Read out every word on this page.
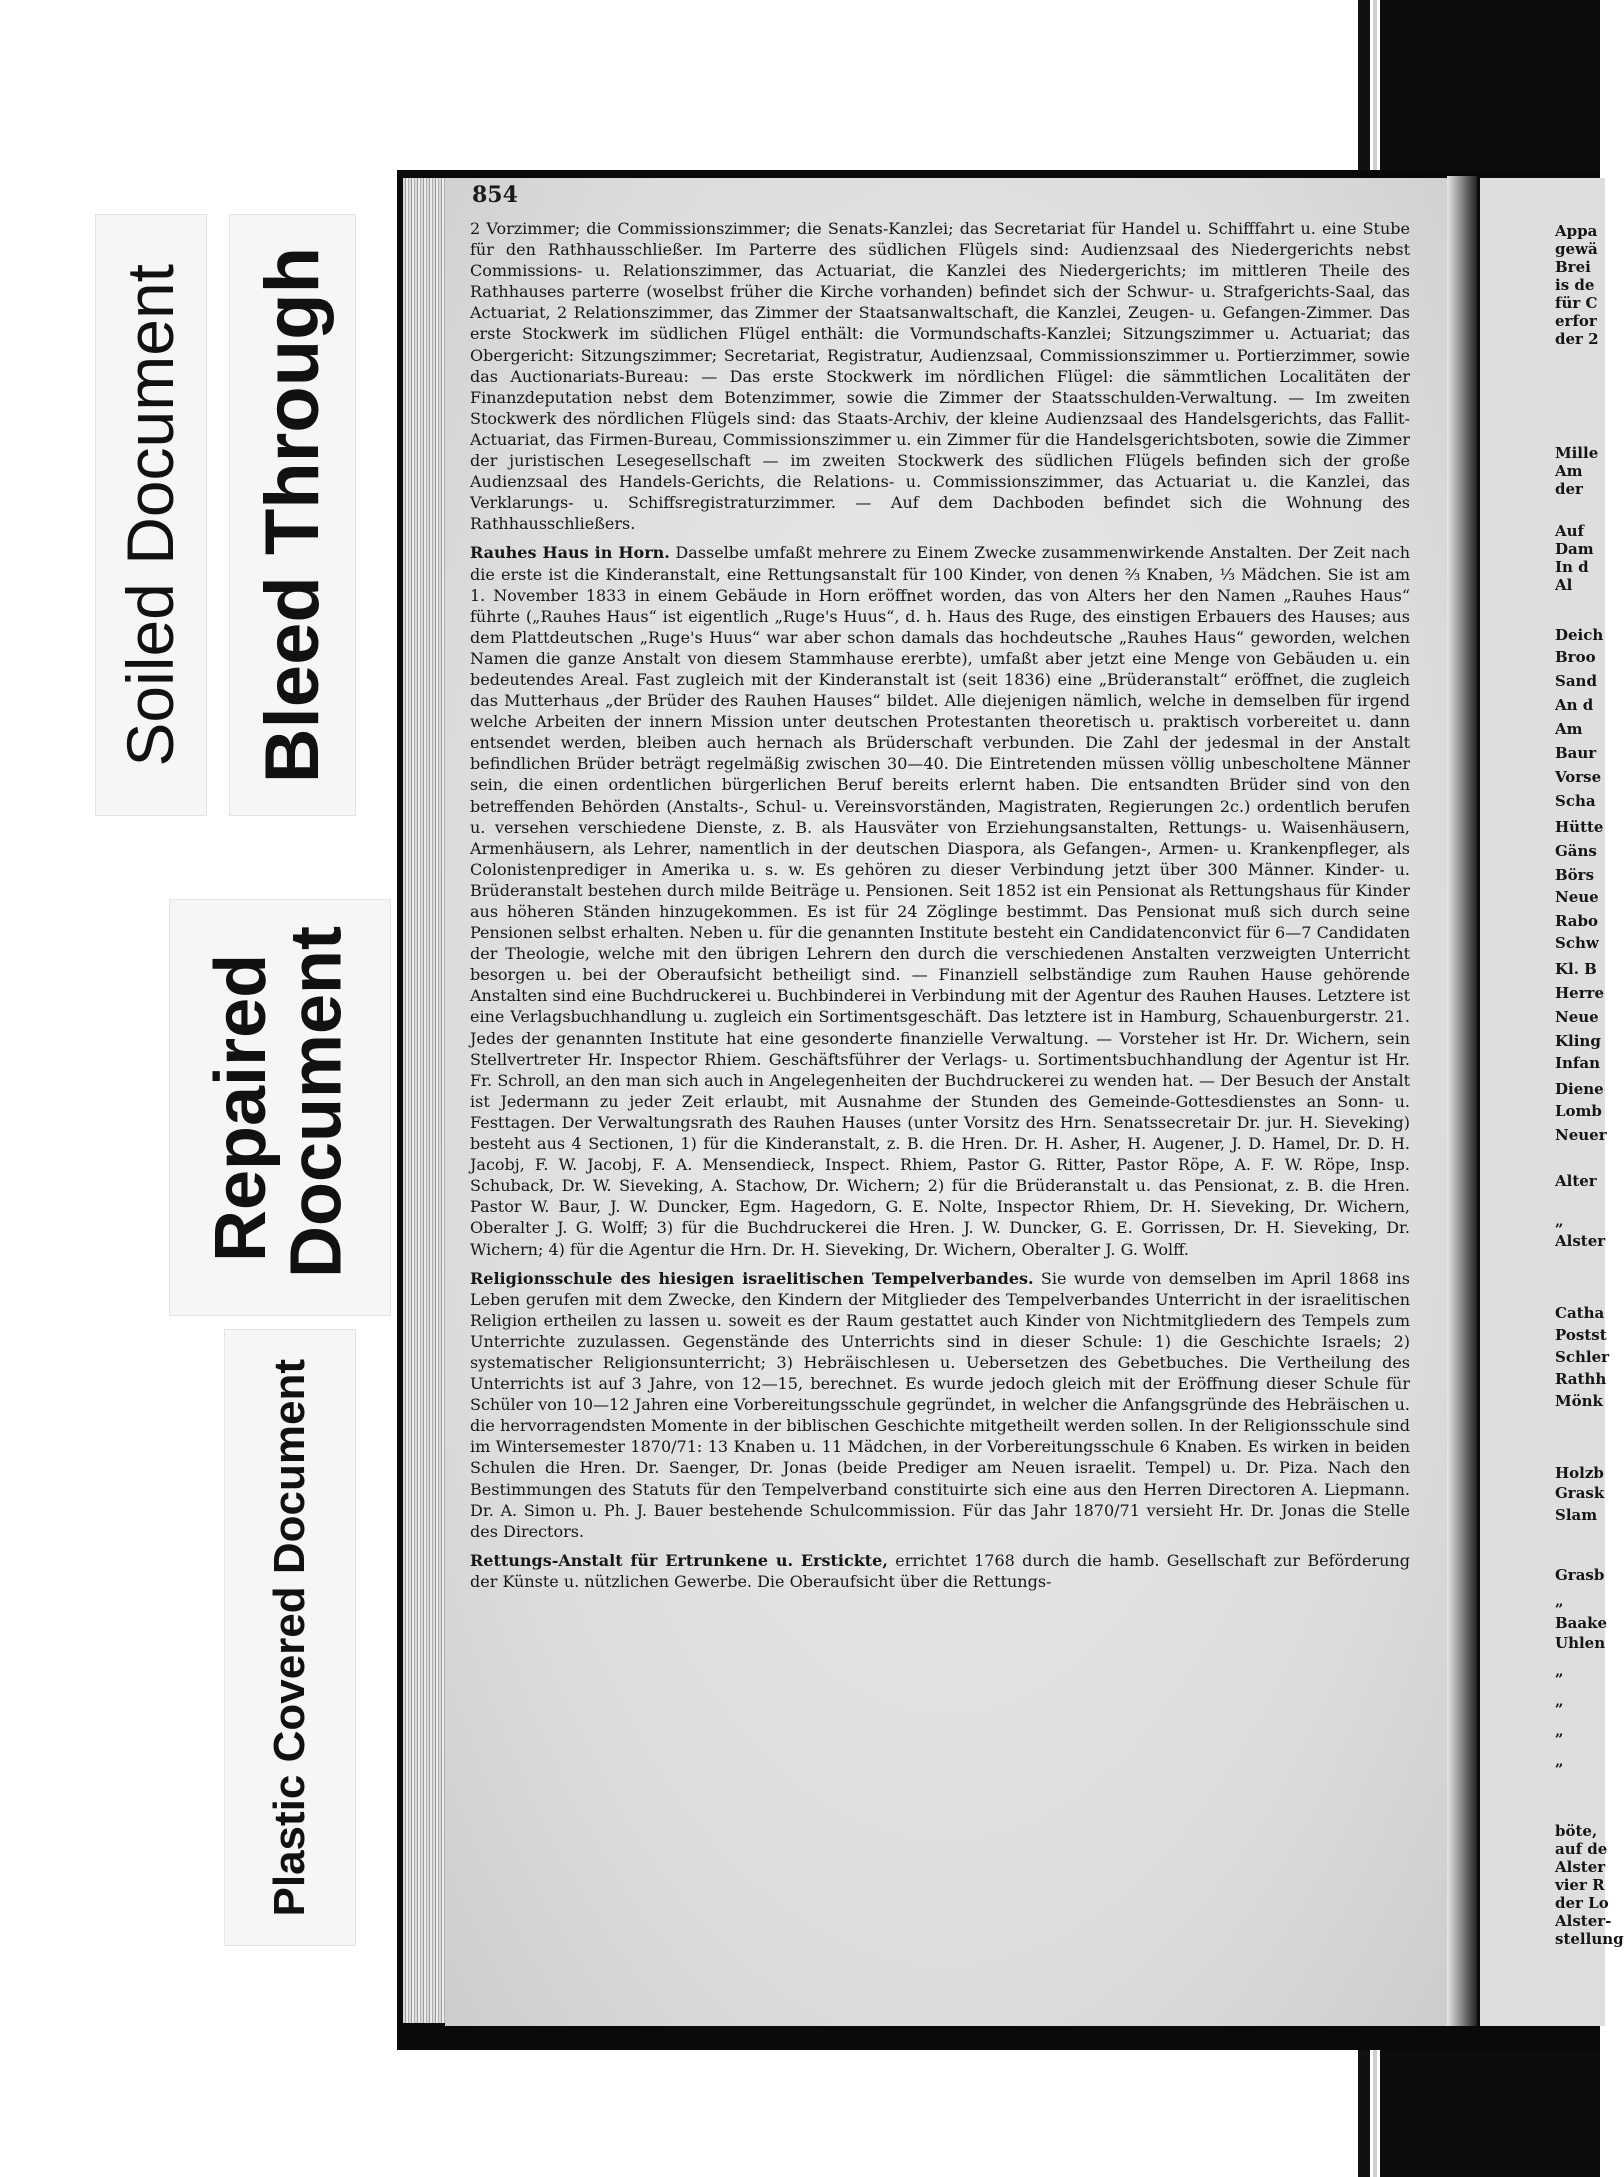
Soiled Document Bleed Through
Repaired Document
Plastic Covered Document
854

2 Vorzimmer; die Commissionszimmer; die Senats-Kanzlei; das Secretariat für Handel u. Schifffahrt u. eine Stube für den Rathhausschließer. Im Parterre des südlichen Flügels sind: Audienzsaal des Niedergerichts nebst Commissions- u. Relationszimmer, das Actuariat, die Kanzlei des Niedergerichts; im mittleren Theile des Rathhauses parterre (woselbst früher die Kirche vorhanden) befindet sich der Schwur- u. Strafgerichts-Saal, das Actuariat, 2 Relationszimmer, das Zimmer der Staatsanwaltschaft, die Kanzlei, Zeugen- u. Gefangen-Zimmer. Das erste Stockwerk im südlichen Flügel enthält: die Vormundschafts-Kanzlei; Sitzungszimmer u. Actuariat; das Obergericht: Sitzungszimmer; Secretariat, Registratur, Audienzsaal, Commissionszimmer u. Portierzimmer, sowie das Auctionariats-Bureau: — Das erste Stockwerk im nördlichen Flügel: die sämmtlichen Localitäten der Finanzdeputation nebst dem Botenzimmer, sowie die Zimmer der Staatsschulden-Verwaltung. — Im zweiten Stockwerk des nördlichen Flügels sind: das Staats-Archiv, der kleine Audienzsaal des Handelsgerichts, das Fallit-Actuariat, das Firmen-Bureau, Commissionszimmer u. ein Zimmer für die Handelsgerichtsboten, sowie die Zimmer der juristischen Lesegesellschaft — im zweiten Stockwerk des südlichen Flügels befinden sich der große Audienzsaal des Handels-Gerichts, die Relations- u. Commissionszimmer, das Actuariat u. die Kanzlei, das Verklarungs- u. Schiffsregistraturzimmer. — Auf dem Dachboden befindet sich die Wohnung des Rathhausschließers.

Rauhes Haus in Horn. Dasselbe umfaßt mehrere zu Einem Zwecke zusammenwirkende Anstalten. Der Zeit nach die erste ist die Kinderanstalt, eine Rettungsanstalt für 100 Kinder, von denen ⅔ Knaben, ⅓ Mädchen. Sie ist am 1. November 1833 in einem Gebäude in Horn eröffnet worden, das von Alters her den Namen „Rauhes Haus“ führte („Rauhes Haus“ ist eigentlich „Ruge's Huus“, d. h. Haus des Ruge, des einstigen Erbauers des Hauses; aus dem Plattdeutschen „Ruge's Huus“ war aber schon damals das hochdeutsche „Rauhes Haus“ geworden, welchen Namen die ganze Anstalt von diesem Stammhause ererbte), umfaßt aber jetzt eine Menge von Gebäuden u. ein bedeutendes Areal. Fast zugleich mit der Kinderanstalt ist (seit 1836) eine „Brüderanstalt“ eröffnet, die zugleich das Mutterhaus „der Brüder des Rauhen Hauses“ bildet. Alle diejenigen nämlich, welche in demselben für irgend welche Arbeiten der innern Mission unter deutschen Protestanten theoretisch u. praktisch vorbereitet u. dann entsendet werden, bleiben auch hernach als Brüderschaft verbunden. Die Zahl der jedesmal in der Anstalt befindlichen Brüder beträgt regelmäßig zwischen 30—40. Die Eintretenden müssen völlig unbescholtene Männer sein, die einen ordentlichen bürgerlichen Beruf bereits erlernt haben. Die entsandten Brüder sind von den betreffenden Behörden (Anstalts-, Schul- u. Vereinsvorständen, Magistraten, Regierungen 2c.) ordentlich berufen u. versehen verschiedene Dienste, z. B. als Hausväter von Erziehungsanstalten, Rettungs- u. Waisenhäusern, Armenhäusern, als Lehrer, namentlich in der deutschen Diaspora, als Gefangen-, Armen- u. Krankenpfleger, als Colonistenprediger in Amerika u. s. w. Es gehören zu dieser Verbindung jetzt über 300 Männer. Kinder- u. Brüderanstalt bestehen durch milde Beiträge u. Pensionen. Seit 1852 ist ein Pensionat als Rettungshaus für Kinder aus höheren Ständen hinzugekommen. Es ist für 24 Zöglinge bestimmt. Das Pensionat muß sich durch seine Pensionen selbst erhalten. Neben u. für die genannten Institute besteht ein Candidatenconvict für 6—7 Candidaten der Theologie, welche mit den übrigen Lehrern den durch die verschiedenen Anstalten verzweigten Unterricht besorgen u. bei der Oberaufsicht betheiligt sind. — Finanziell selbständige zum Rauhen Hause gehörende Anstalten sind eine Buchdruckerei u. Buchbinderei in Verbindung mit der Agentur des Rauhen Hauses. Letztere ist eine Verlagsbuchhandlung u. zugleich ein Sortimentsgeschäft. Das letztere ist in Hamburg, Schauenburgerstr. 21. Jedes der genannten Institute hat eine gesonderte finanzielle Verwaltung. — Vorsteher ist Hr. Dr. Wichern, sein Stellvertreter Hr. Inspector Rhiem. Geschäftsführer der Verlags- u. Sortimentsbuchhandlung der Agentur ist Hr. Fr. Schroll, an den man sich auch in Angelegenheiten der Buchdruckerei zu wenden hat. — Der Besuch der Anstalt ist Jedermann zu jeder Zeit erlaubt, mit Ausnahme der Stunden des Gemeinde-Gottesdienstes an Sonn- u. Festtagen. Der Verwaltungsrath des Rauhen Hauses (unter Vorsitz des Hrn. Senatssecretair Dr. jur. H. Sieveking) besteht aus 4 Sectionen, 1) für die Kinderanstalt, z. B. die Hren. Dr. H. Asher, H. Augener, J. D. Hamel, Dr. D. H. Jacobj, F. W. Jacobj, F. A. Mensendieck, Inspect. Rhiem, Pastor G. Ritter, Pastor Röpe, A. F. W. Röpe, Insp. Schuback, Dr. W. Sieveking, A. Stachow, Dr. Wichern; 2) für die Brüderanstalt u. das Pensionat, z. B. die Hren. Pastor W. Baur, J. W. Duncker, Egm. Hagedorn, G. E. Nolte, Inspector Rhiem, Dr. H. Sieveking, Dr. Wichern, Oberalter J. G. Wolff; 3) für die Buchdruckerei die Hren. J. W. Duncker, G. E. Gorrissen, Dr. H. Sieveking, Dr. Wichern; 4) für die Agentur die Hrn. Dr. H. Sieveking, Dr. Wichern, Oberalter J. G. Wolff.

Religionsschule des hiesigen israelitischen Tempelverbandes. Sie wurde von demselben im April 1868 ins Leben gerufen mit dem Zwecke, den Kindern der Mitglieder des Tempelverbandes Unterricht in der israelitischen Religion ertheilen zu lassen u. soweit es der Raum gestattet auch Kinder von Nichtmitgliedern des Tempels zum Unterrichte zuzulassen. Gegenstände des Unterrichts sind in dieser Schule: 1) die Geschichte Israels; 2) systematischer Religionsunterricht; 3) Hebräischlesen u. Uebersetzen des Gebetbuches. Die Vertheilung des Unterrichts ist auf 3 Jahre, von 12—15, berechnet. Es wurde jedoch gleich mit der Eröffnung dieser Schule für Schüler von 10—12 Jahren eine Vorbereitungsschule gegründet, in welcher die Anfangsgründe des Hebräischen u. die hervorragendsten Momente in der biblischen Geschichte mitgetheilt werden sollen. In der Religionsschule sind im Wintersemester 1870/71: 13 Knaben u. 11 Mädchen, in der Vorbereitungsschule 6 Knaben. Es wirken in beiden Schulen die Hren. Dr. Saenger, Dr. Jonas (beide Prediger am Neuen israelit. Tempel) u. Dr. Piza. Nach den Bestimmungen des Statuts für den Tempelverband constituirte sich eine aus den Herren Directoren A. Liepmann. Dr. A. Simon u. Ph. J. Bauer bestehende Schulcommission. Für das Jahr 1870/71 versieht Hr. Dr. Jonas die Stelle des Directors.

Rettungs-Anstalt für Ertrunkene u. Erstickte, errichtet 1768 durch die hamb. Gesellschaft zur Beförderung der Künste u. nützlichen Gewerbe. Die Oberaufsicht über die Rettungs-

Appa
gewä
Brei
is de
für C
erfor
der 2
Mille
Am
der
Auf
Dam
In d
Al
Deich
Broo
Sand
An d
Am
Baur
Vorse
Scha
Hütte
Gäns
Börs
Neue
Rabo
Schw
Kl. B
Herre
Neue
Kling
Infan
Diene
Lomb
Neuer
Alter
„
Alster
Catha
Postst
Schler
Rathh
Mönk
Holzb
Grask
Slam
Grasb
„
Baake
Uhlen
„
„
„
„
böte,
auf de
Alster
vier R
der Lo
Alster-
stellung
